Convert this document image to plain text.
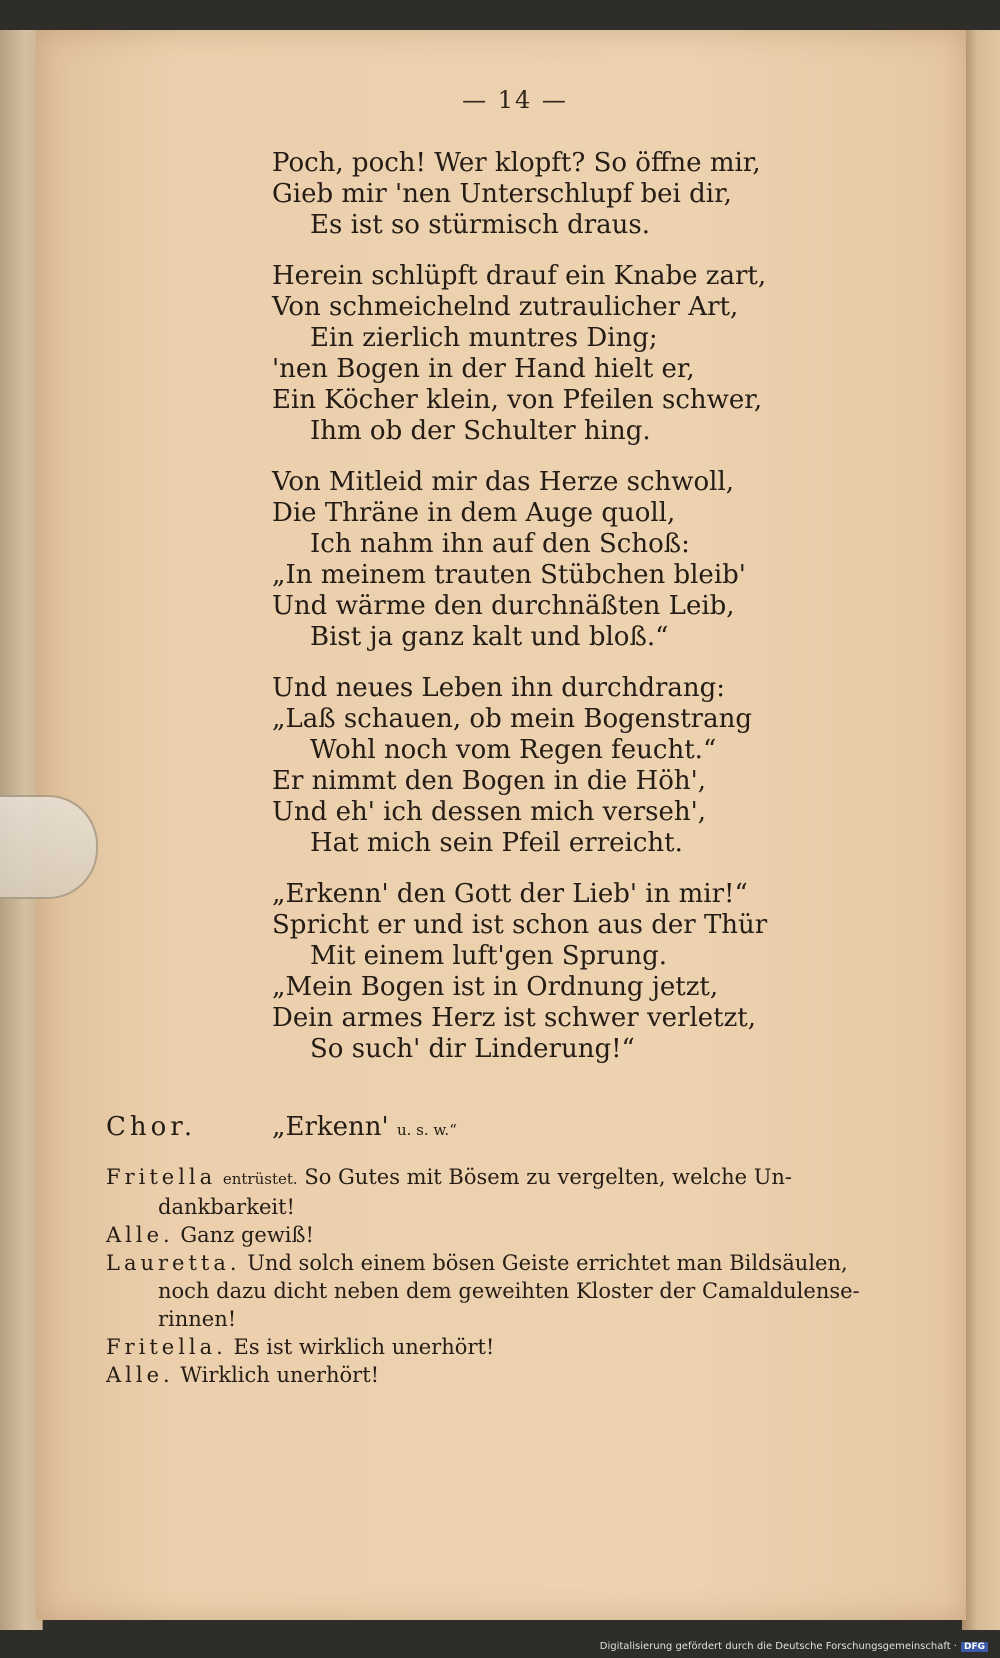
— 14 —
Poch, poch! Wer klopft? So öffne mir,
Gieb mir 'nen Unterschlupf bei dir,
Es ist so stürmisch draus.
Herein schlüpft drauf ein Knabe zart,
Von schmeichelnd zutraulicher Art,
Ein zierlich muntres Ding;
'nen Bogen in der Hand hielt er,
Ein Köcher klein, von Pfeilen schwer,
Ihm ob der Schulter hing.
Von Mitleid mir das Herze schwoll,
Die Thräne in dem Auge quoll,
Ich nahm ihn auf den Schoß:
„In meinem trauten Stübchen bleib'
Und wärme den durchnäßten Leib,
Bist ja ganz kalt und bloß.“
Und neues Leben ihn durchdrang:
„Laß schauen, ob mein Bogenstrang
Wohl noch vom Regen feucht.“
Er nimmt den Bogen in die Höh',
Und eh' ich dessen mich verseh',
Hat mich sein Pfeil erreicht.
„Erkenn' den Gott der Lieb' in mir!“
Spricht er und ist schon aus der Thür
Mit einem luft'gen Sprung.
„Mein Bogen ist in Ordnung jetzt,
Dein armes Herz ist schwer verletzt,
So such' dir Linderung!“
Chor.	„Erkenn' u. s. w.“

Fritella entrüstet. So Gutes mit Bösem zu vergelten, welche Un-

dankbarkeit!

Alle. Ganz gewiß!

Lauretta. Und solch einem bösen Geiste errichtet man Bildsäulen,

noch dazu dicht neben dem geweihten Kloster der Camaldulense-

rinnen!

Fritella. Es ist wirklich unerhört!

Alle. Wirklich unerhört!

Digitalisierung gefördert durch die Deutsche Forschungsgemeinschaft · DFG
